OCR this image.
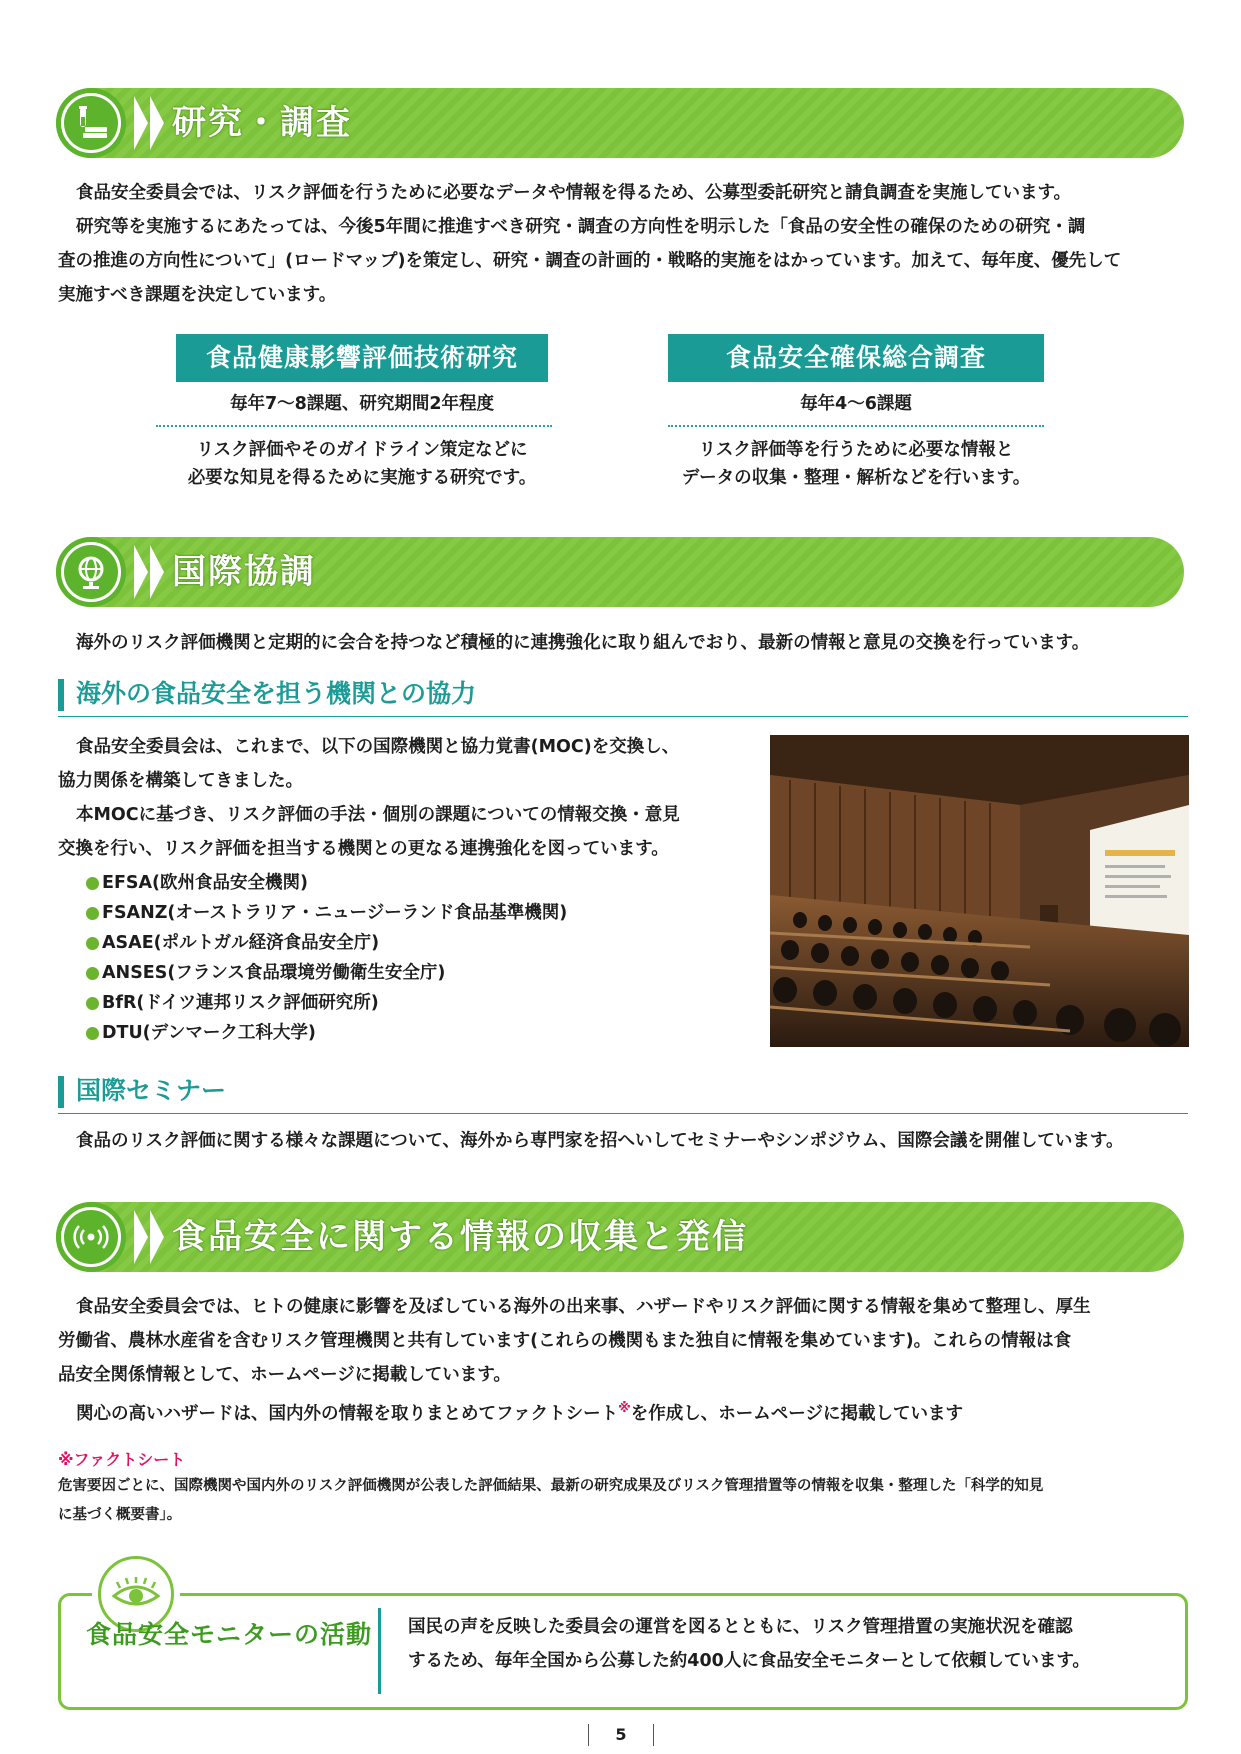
研究・調査
食品安全委員会では、リスク評価を行うために必要なデータや情報を得るため、公募型委託研究と請負調査を実施しています。
研究等を実施するにあたっては、今後5年間に推進すべき研究・調査の方向性を明示した「食品の安全性の確保のための研究・調
査の推進の方向性について」(ロードマップ)を策定し、研究・調査の計画的・戦略的実施をはかっています。加えて、毎年度、優先して
実施すべき課題を決定しています。
食品健康影響評価技術研究
毎年7～8課題、研究期間2年程度
リスク評価やそのガイドライン策定などに
必要な知見を得るために実施する研究です。
食品安全確保総合調査
毎年4～6課題
リスク評価等を行うために必要な情報と
データの収集・整理・解析などを行います。
国際協調
海外のリスク評価機関と定期的に会合を持つなど積極的に連携強化に取り組んでおり、最新の情報と意見の交換を行っています。
海外の食品安全を担う機関との協力
食品安全委員会は、これまで、以下の国際機関と協力覚書(MOC)を交換し、
協力関係を構築してきました。
本MOCに基づき、リスク評価の手法・個別の課題についての情報交換・意見
交換を行い、リスク評価を担当する機関との更なる連携強化を図っています。
EFSA(欧州食品安全機関)
FSANZ(オーストラリア・ニュージーランド食品基準機関)
ASAE(ポルトガル経済食品安全庁)
ANSES(フランス食品環境労働衛生安全庁)
BfR(ドイツ連邦リスク評価研究所)
DTU(デンマーク工科大学)
国際セミナー
食品のリスク評価に関する様々な課題について、海外から専門家を招へいしてセミナーやシンポジウム、国際会議を開催しています。
食品安全に関する情報の収集と発信
食品安全委員会では、ヒトの健康に影響を及ぼしている海外の出来事、ハザードやリスク評価に関する情報を集めて整理し、厚生
労働省、農林水産省を含むリスク管理機関と共有しています(これらの機関もまた独自に情報を集めています)。これらの情報は食
品安全関係情報として、ホームページに掲載しています。
関心の高いハザードは、国内外の情報を取りまとめてファクトシート※を作成し、ホームページに掲載しています
※ファクトシート
危害要因ごとに、国際機関や国内外のリスク評価機関が公表した評価結果、最新の研究成果及びリスク管理措置等の情報を収集・整理した「科学的知見
に基づく概要書」。
食品安全モニターの活動 国民の声を反映した委員会の運営を図るとともに、リスク管理措置の実施状況を確認
するため、毎年全国から公募した約400人に食品安全モニターとして依頼しています。
5
